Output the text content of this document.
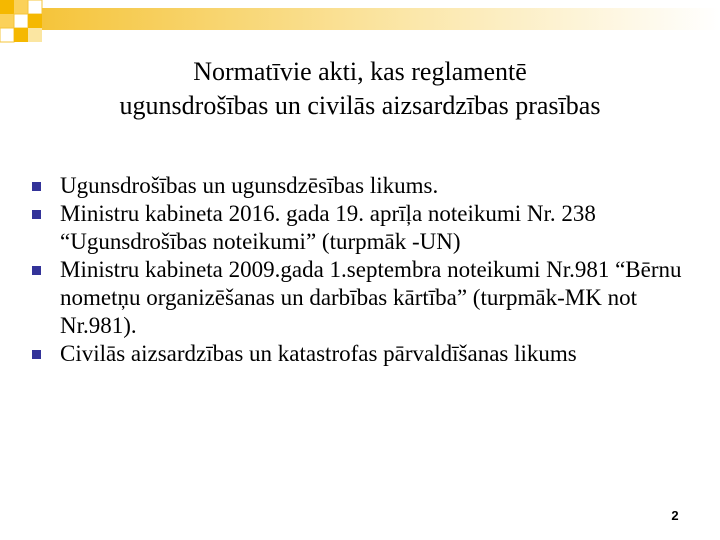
Normatīvie akti, kas reglamentē
ugunsdrošības un civilās aizsardzības prasības
Ugunsdrošības un ugunsdzēsības likums.
Ministru kabineta 2016. gada 19. aprīļa noteikumi Nr. 238 “Ugunsdrošības noteikumi” (turpmāk -UN)
Ministru kabineta 2009.gada 1.septembra noteikumi Nr.981 “Bērnu nometņu organizēšanas un darbības kārtība” (turpmāk-MK not Nr.981).
Civilās aizsardzības un katastrofas pārvaldīšanas likums
2
